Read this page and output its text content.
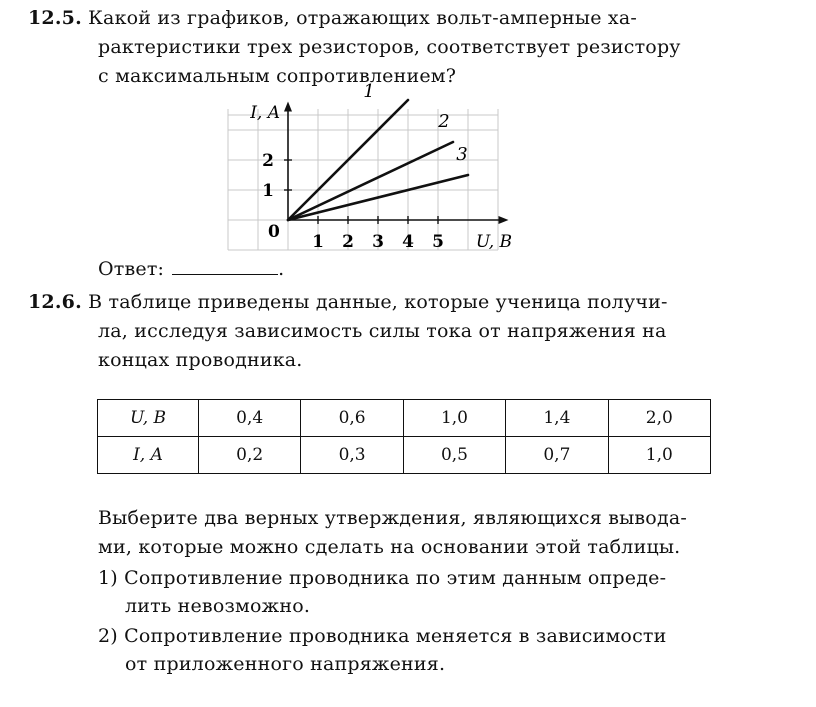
12.5. Какой из графиков, отражающих вольт-амперные ха-
рактеристики трех резисторов, соответствует резистору
с максимальным сопротивлением?
1 2 3 4 5
1
2
0
I, A
U, B
1
2
3
Ответ:	.
12.6. В таблице приведены данные, которые ученица получи-
ла, исследуя зависимость силы тока от напряжения на
концах проводника.
U, B	0,4	0,6	1,0	1,4	2,0
I, A	0,2	0,3	0,5	0,7	1,0
Выберите два верных утверждения, являющихся вывода-
ми, которые можно сделать на основании этой таблицы.
1) Сопротивление проводника по этим данным опреде-
лить невозможно.
2) Сопротивление проводника меняется в зависимости
от приложенного напряжения.
